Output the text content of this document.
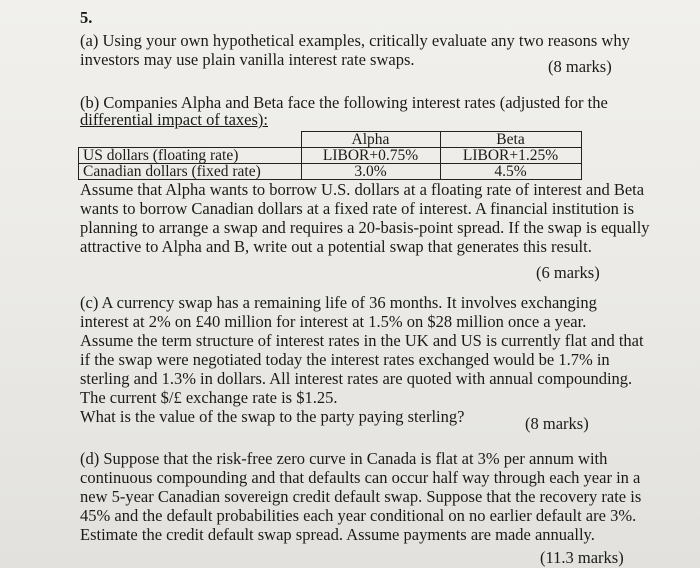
5.
(a) Using your own hypothetical examples, critically evaluate any two reasons why
investors may use plain vanilla interest rate swaps.	(8 marks)
(b) Companies Alpha and Beta face the following interest rates (adjusted for the
differential impact of taxes):
	Alpha	Beta
US dollars (floating rate)	LIBOR+0.75%	LIBOR+1.25%
Canadian dollars (fixed rate)	3.0%	4.5%
Assume that Alpha wants to borrow U.S. dollars at a floating rate of interest and Beta
wants to borrow Canadian dollars at a fixed rate of interest. A financial institution is
planning to arrange a swap and requires a 20-basis-point spread. If the swap is equally
attractive to Alpha and B, write out a potential swap that generates this result.
(6 marks)
(c) A currency swap has a remaining life of 36 months. It involves exchanging
interest at 2% on £40 million for interest at 1.5% on $28 million once a year.
Assume the term structure of interest rates in the UK and US is currently flat and that
if the swap were negotiated today the interest rates exchanged would be 1.7% in
sterling and 1.3% in dollars. All interest rates are quoted with annual compounding.
The current $/£ exchange rate is $1.25.
What is the value of the swap to the party paying sterling?	(8 marks)
(d) Suppose that the risk-free zero curve in Canada is flat at 3% per annum with
continuous compounding and that defaults can occur half way through each year in a
new 5-year Canadian sovereign credit default swap. Suppose that the recovery rate is
45% and the default probabilities each year conditional on no earlier default are 3%.
Estimate the credit default swap spread. Assume payments are made annually.
(11.3 marks)
